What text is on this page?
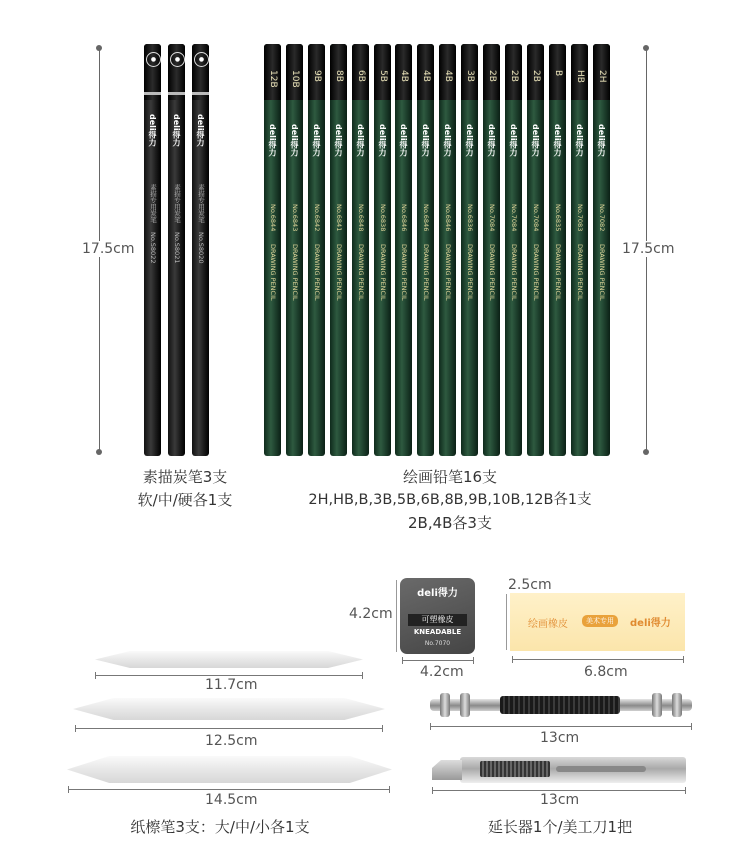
17.5cm	17.5cm
●
deli得力
素描专用炭笔
No.S8022
●
deli得力
素描专用炭笔
No.S8021
●
deli得力
素描专用炭笔
No.S8020
12B
deli得力
No.6844
DRAWING PENCIL
10B
deli得力
No.6843
DRAWING PENCIL
9B
deli得力
No.6842
DRAWING PENCIL
8B
deli得力
No.6841
DRAWING PENCIL
6B
deli得力
No.6848
DRAWING PENCIL
5B
deli得力
No.6838
DRAWING PENCIL
4B
deli得力
No.6846
DRAWING PENCIL
4B
deli得力
No.6846
DRAWING PENCIL
4B
deli得力
No.6846
DRAWING PENCIL
3B
deli得力
No.6836
DRAWING PENCIL
2B
deli得力
No.7084
DRAWING PENCIL
2B
deli得力
No.7084
DRAWING PENCIL
2B
deli得力
No.7084
DRAWING PENCIL
B
deli得力
No.6835
DRAWING PENCIL
HB
deli得力
No.7083
DRAWING PENCIL
2H
deli得力
No.7082
DRAWING PENCIL
素描炭笔3支
软/中/硬各1支
绘画铅笔16支
2H,HB,B,3B,5B,6B,8B,9B,10B,12B各1支
2B,4B各3支
4.2cm
deli得力
可塑橡皮
KNEADABLE
No.7070
4.2cm
2.5cm
绘画橡皮	美术专用	deli得力
6.8cm
11.7cm
12.5cm
14.5cm
13cm
13cm
纸檫笔3支：大/中/小各1支	延长器1个/美工刀1把
